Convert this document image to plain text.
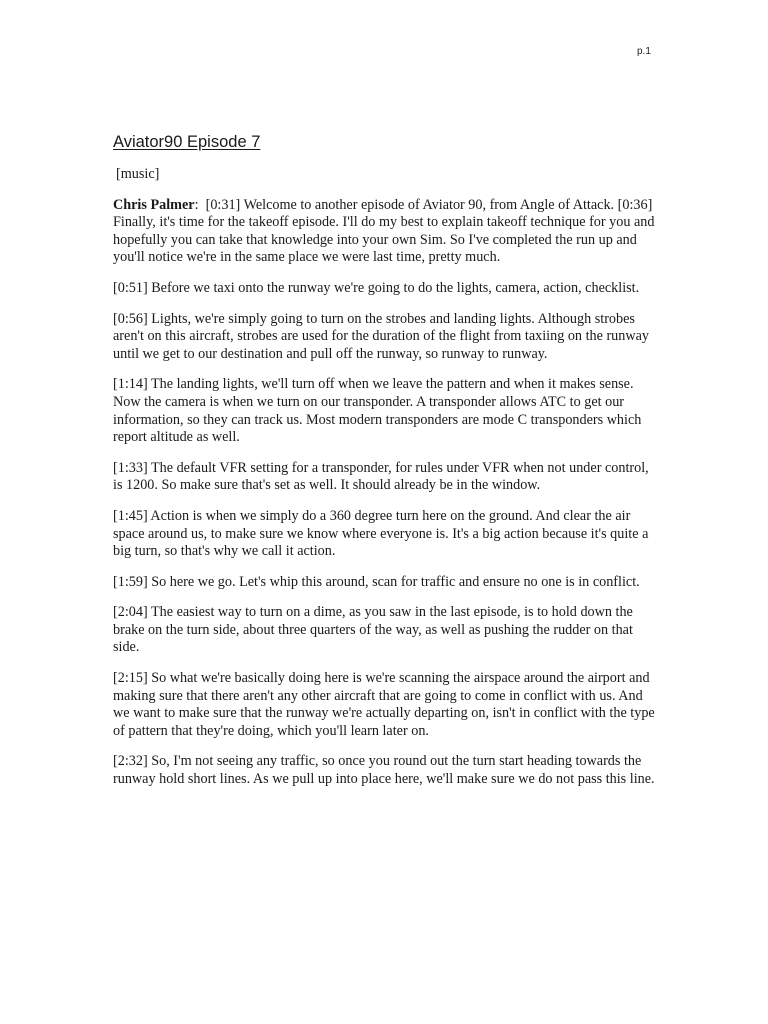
p.1
Aviator90 Episode 7

[music]

Chris Palmer: [0:31] Welcome to another episode of Aviator 90, from Angle of Attack. [0:36] Finally, it's time for the takeoff episode. I'll do my best to explain takeoff technique for you and hopefully you can take that knowledge into your own Sim. So I've completed the run up and you'll notice we're in the same place we were last time, pretty much.

[0:51] Before we taxi onto the runway we're going to do the lights, camera, action, checklist.

[0:56] Lights, we're simply going to turn on the strobes and landing lights. Although strobes aren't on this aircraft, strobes are used for the duration of the flight from taxiing on the runway until we get to our destination and pull off the runway, so runway to runway.

[1:14] The landing lights, we'll turn off when we leave the pattern and when it makes sense. Now the camera is when we turn on our transponder. A transponder allows ATC to get our information, so they can track us. Most modern transponders are mode C transponders which report altitude as well.

[1:33] The default VFR setting for a transponder, for rules under VFR when not under control, is 1200. So make sure that's set as well. It should already be in the window.

[1:45] Action is when we simply do a 360 degree turn here on the ground. And clear the air space around us, to make sure we know where everyone is. It's a big action because it's quite a big turn, so that's why we call it action.

[1:59] So here we go. Let's whip this around, scan for traffic and ensure no one is in conflict.

[2:04] The easiest way to turn on a dime, as you saw in the last episode, is to hold down the brake on the turn side, about three quarters of the way, as well as pushing the rudder on that side.

[2:15] So what we're basically doing here is we're scanning the airspace around the airport and making sure that there aren't any other aircraft that are going to come in conflict with us. And we want to make sure that the runway we're actually departing on, isn't in conflict with the type of pattern that they're doing, which you'll learn later on.

[2:32] So, I'm not seeing any traffic, so once you round out the turn start heading towards the runway hold short lines. As we pull up into place here, we'll make sure we do not pass this line.
